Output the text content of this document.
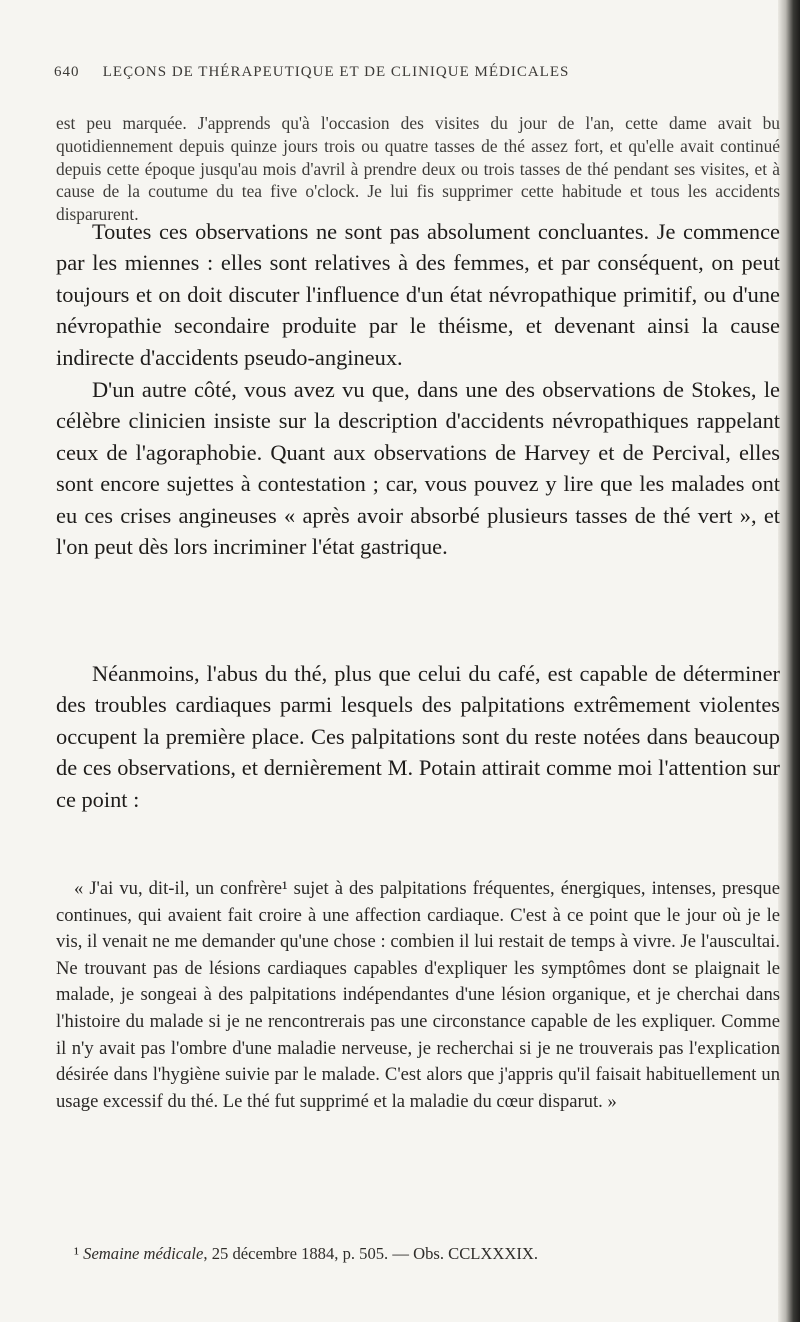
640 LEÇONS DE THÉRAPEUTIQUE ET DE CLINIQUE MÉDICALES

est peu marquée. J'apprends qu'à l'occasion des visites du jour de l'an, cette dame avait bu quotidiennement depuis quinze jours trois ou quatre tasses de thé assez fort, et qu'elle avait continué depuis cette époque jusqu'au mois d'avril à prendre deux ou trois tasses de thé pendant ses visites, et à cause de la coutume du tea five o'clock. Je lui fis supprimer cette habitude et tous les accidents disparurent.

Toutes ces observations ne sont pas absolument concluantes. Je commence par les miennes : elles sont relatives à des femmes, et par conséquent, on peut toujours et on doit discuter l'influence d'un état névropathique primitif, ou d'une névropathie secondaire produite par le théisme, et devenant ainsi la cause indirecte d'accidents pseudo-angineux.

D'un autre côté, vous avez vu que, dans une des observations de Stokes, le célèbre clinicien insiste sur la description d'accidents névropathiques rappelant ceux de l'agoraphobie. Quant aux observations de Harvey et de Percival, elles sont encore sujettes à contestation ; car, vous pouvez y lire que les malades ont eu ces crises angineuses « après avoir absorbé plusieurs tasses de thé vert », et l'on peut dès lors incriminer l'état gastrique.

Néanmoins, l'abus du thé, plus que celui du café, est capable de déterminer des troubles cardiaques parmi lesquels des palpitations extrêmement violentes occupent la première place. Ces palpitations sont du reste notées dans beaucoup de ces observations, et dernièrement M. Potain attirait comme moi l'attention sur ce point :

« J'ai vu, dit-il, un confrère¹ sujet à des palpitations fréquentes, énergiques, intenses, presque continues, qui avaient fait croire à une affection cardiaque. C'est à ce point que le jour où je le vis, il venait ne me demander qu'une chose : combien il lui restait de temps à vivre. Je l'auscultai. Ne trouvant pas de lésions cardiaques capables d'expliquer les symptômes dont se plaignait le malade, je songeai à des palpitations indépendantes d'une lésion organique, et je cherchai dans l'histoire du malade si je ne rencontrerais pas une circonstance capable de les expliquer. Comme il n'y avait pas l'ombre d'une maladie nerveuse, je recherchai si je ne trouverais pas l'explication désirée dans l'hygiène suivie par le malade. C'est alors que j'appris qu'il faisait habituellement un usage excessif du thé. Le thé fut supprimé et la maladie du cœur disparut. »

¹ Semaine médicale, 25 décembre 1884, p. 505. — Obs. CCLXXXIX.
